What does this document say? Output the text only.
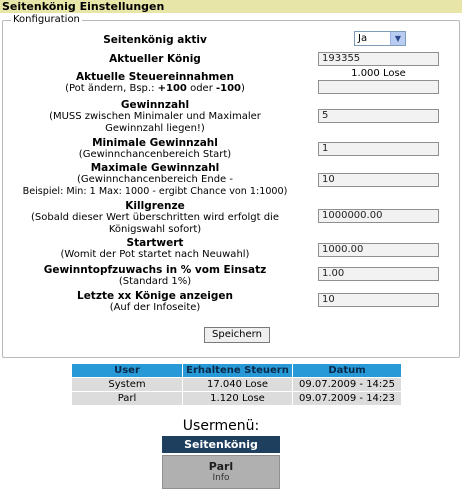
Seitenkönig Einstellungen
Konfiguration
Seitenkönig aktiv	Ja	▼
Aktueller König	193355
Aktuelle Steuereinnahmen
(Pot ändern, Bsp.: +100 oder -100)
1.000 Lose
Gewinnzahl
(MUSS zwischen Minimaler und Maximaler Gewinnzahl liegen!)
5
Minimale Gewinnzahl
(Gewinnchancenbereich Start)
1
Maximale Gewinnzahl
(Gewinnchancenbereich Ende -
Beispiel: Min: 1 Max: 1000 - ergibt Chance von 1:1000)
10
Killgrenze
(Sobald dieser Wert überschritten wird erfolgt die Königswahl sofort)
1000000.00
Startwert
(Womit der Pot startet nach Neuwahl)	1000.00
Gewinntopfzuwachs in % vom Einsatz
(Standard 1%)
1.00
Letzte xx Könige anzeigen
(Auf der Infoseite)
10
Speichern
User	Erhaltene Steuern	Datum
System	17.040 Lose	09.07.2009 - 14:25
Parl	1.120 Lose	09.07.2009 - 14:23
Usermenü:
Seitenkönig
Parl
Info
